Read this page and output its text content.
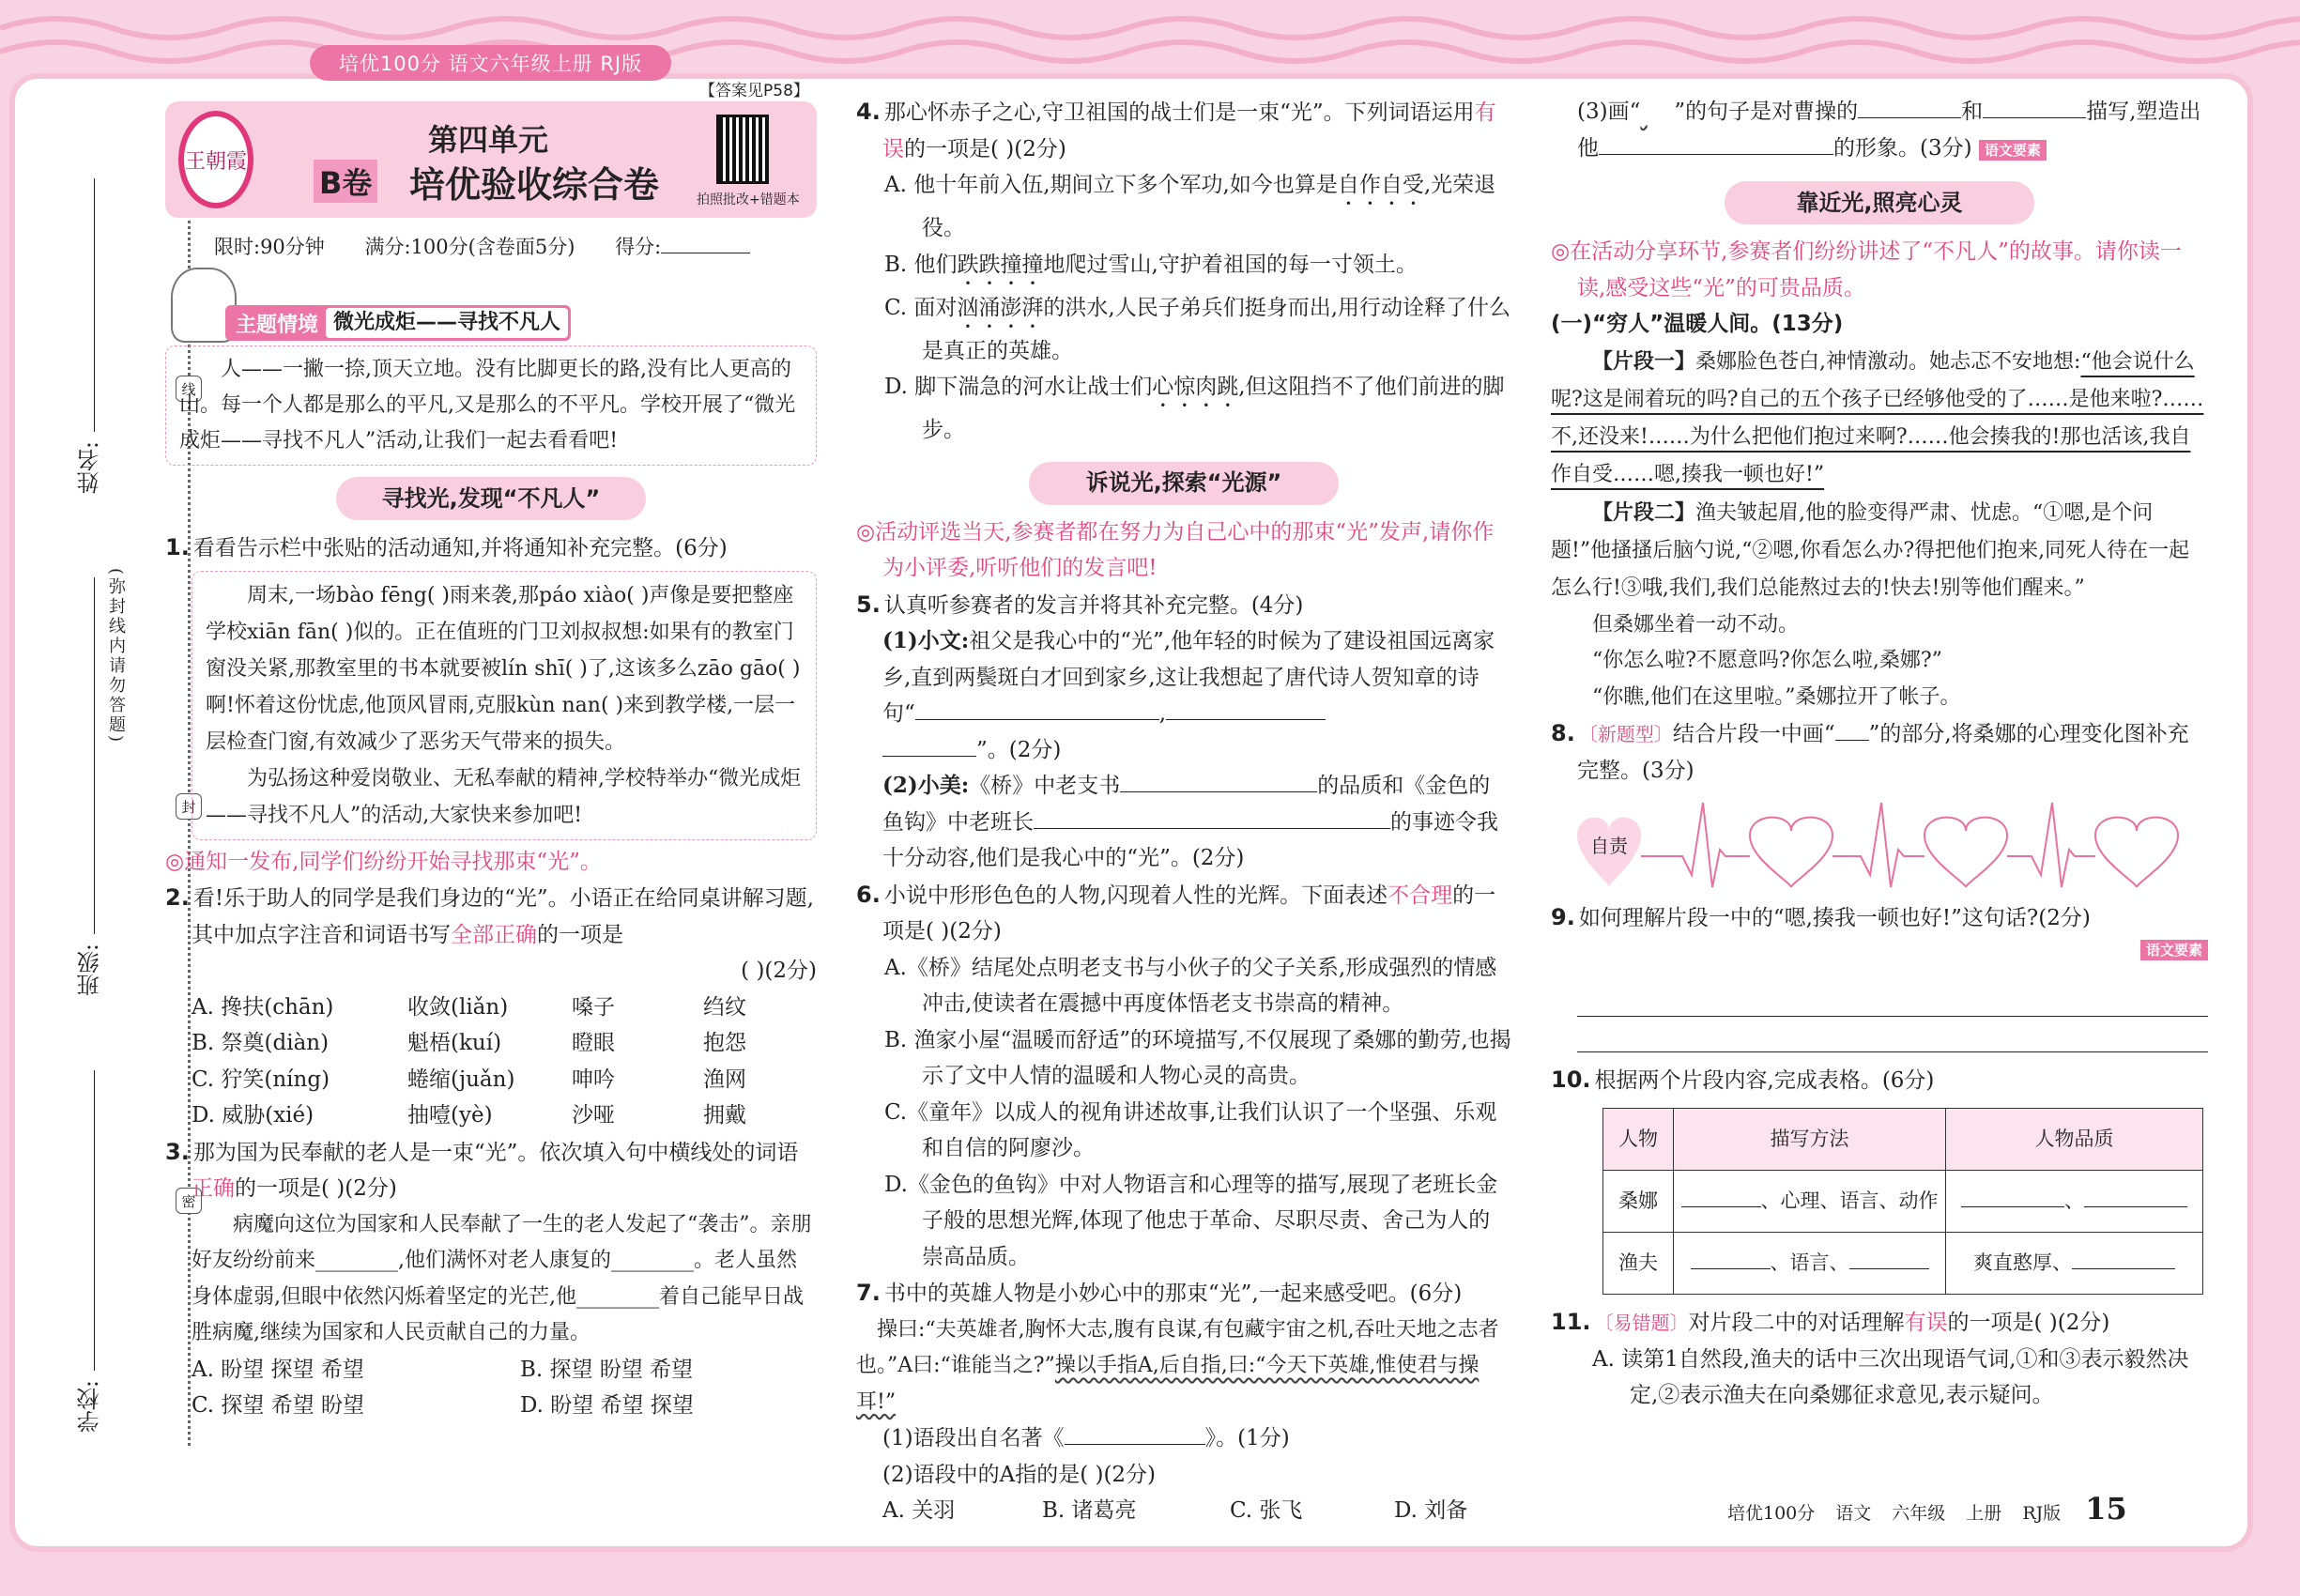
培优100分 语文六年级上册 RJ版
姓名:
班级:
学校:
线
封
密
(弥封线内请勿答题)
【答案见P58】
王朝霞
第四单元
B卷 培优验收综合卷	拍照批改+错题本
限时:90分钟 满分:100分(含卷面5分) 得分:
主题情境 微光成炬——寻找不凡人
人——一撇一捺,顶天立地。没有比脚更长的路,没有比人更高的山。每一个人都是那么的平凡,又是那么的不平凡。学校开展了“微光成炬——寻找不凡人”活动,让我们一起去看看吧!
寻找光,发现“不凡人”
1. 看看告示栏中张贴的活动通知,并将通知补充完整。(6分)
周末,一场bào fēng( )雨来袭,那páo xiào( )声像是要把整座学校xiān fān( )似的。正在值班的门卫刘叔叔想:如果有的教室门窗没关紧,那教室里的书本就要被lín shī( )了,这该多么zāo gāo( )啊!怀着这份忧虑,他顶风冒雨,克服kùn nan( )来到教学楼,一层一层检查门窗,有效减少了恶劣天气带来的损失。
为弘扬这种爱岗敬业、无私奉献的精神,学校特举办“微光成炬——寻找不凡人”的活动,大家快来参加吧!
◎通知一发布,同学们纷纷开始寻找那束“光”。
2. 看!乐于助人的同学是我们身边的“光”。小语正在给同桌讲解习题,其中加点字注音和词语书写全部正确的一项是
( )(2分)
A. 搀扶(chān)	收敛(liǎn)	嗓子	绉纹
B. 祭奠(diàn)	魁梧(kuí)	瞪眼	抱怨
C. 狞笑(níng)	蜷缩(juǎn)	呻吟	渔网
D. 威胁(xié)	抽噎(yè)	沙哑	拥戴
3. 那为国为民奉献的老人是一束“光”。依次填入句中横线处的词语正确的一项是( )(2分)
病魔向这位为国家和人民奉献了一生的老人发起了“袭击”。亲朋好友纷纷前来________,他们满怀对老人康复的________。老人虽然身体虚弱,但眼中依然闪烁着坚定的光芒,他________着自己能早日战胜病魔,继续为国家和人民贡献自己的力量。
A. 盼望 探望 希望	B. 探望 盼望 希望
C. 探望 希望 盼望	D. 盼望 希望 探望
4. 那心怀赤子之心,守卫祖国的战士们是一束“光”。下列词语运用有误的一项是( )(2分)
A. 他十年前入伍,期间立下多个军功,如今也算是自作自受,光荣退役。
B. 他们跌跌撞撞地爬过雪山,守护着祖国的每一寸领土。
C. 面对汹涌澎湃的洪水,人民子弟兵们挺身而出,用行动诠释了什么是真正的英雄。
D. 脚下湍急的河水让战士们心惊肉跳,但这阻挡不了他们前进的脚步。
诉说光,探索“光源”
◎活动评选当天,参赛者都在努力为自己心中的那束“光”发声,请你作为小评委,听听他们的发言吧!
5. 认真听参赛者的发言并将其补充完整。(4分)
(1)小文:祖父是我心中的“光”,他年轻的时候为了建设祖国远离家乡,直到两鬓斑白才回到家乡,这让我想起了唐代诗人贺知章的诗句“	,
”。(2分)
(2)小美:《桥》中老支书	的品质和《金色的鱼钩》中老班长	的事迹令我十分动容,他们是我心中的“光”。(2分)
6. 小说中形形色色的人物,闪现着人性的光辉。下面表述不合理的一项是( )(2分)
A.《桥》结尾处点明老支书与小伙子的父子关系,形成强烈的情感冲击,使读者在震撼中再度体悟老支书崇高的精神。
B. 渔家小屋“温暖而舒适”的环境描写,不仅展现了桑娜的勤劳,也揭示了文中人情的温暖和人物心灵的高贵。
C.《童年》以成人的视角讲述故事,让我们认识了一个坚强、乐观和自信的阿廖沙。
D.《金色的鱼钩》中对人物语言和心理等的描写,展现了老班长金子般的思想光辉,体现了他忠于革命、尽职尽责、舍己为人的崇高品质。
7. 书中的英雄人物是小妙心中的那束“光”,一起来感受吧。(6分)
操曰:“夫英雄者,胸怀大志,腹有良谋,有包藏宇宙之机,吞吐天地之志者也。”A曰:“谁能当之?”操以手指A,后自指,曰:“今天下英雄,惟使君与操耳!”
(1)语段出自名著《	》。(1分)
(2)语段中的A指的是( )(2分)
A. 关羽	B. 诸葛亮	C. 张飞	D. 刘备
(3)画“ ”的句子是对曹操的	和	描写,塑造出他	的形象。(3分) 语文要素
靠近光,照亮心灵
◎在活动分享环节,参赛者们纷纷讲述了“不凡人”的故事。请你读一读,感受这些“光”的可贵品质。
(一)“穷人”温暖人间。(13分)
【片段一】桑娜脸色苍白,神情激动。她忐忑不安地想:“他会说什么呢?这是闹着玩的吗?自己的五个孩子已经够他受的了……是他来啦?……不,还没来!……为什么把他们抱过来啊?……他会揍我的!那也活该,我自作自受……嗯,揍我一顿也好!”
【片段二】渔夫皱起眉,他的脸变得严肃、忧虑。“①嗯,是个问题!”他搔搔后脑勺说,“②嗯,你看怎么办?得把他们抱来,同死人待在一起怎么行!③哦,我们,我们总能熬过去的!快去!别等他们醒来。”
但桑娜坐着一动不动。
“你怎么啦?不愿意吗?你怎么啦,桑娜?”
“你瞧,他们在这里啦。”桑娜拉开了帐子。
8. 〔新题型〕结合片段一中画“ ”的部分,将桑娜的心理变化图补充完整。(3分)
自责
9. 如何理解片段一中的“嗯,揍我一顿也好!”这句话?(2分)
语文要素
10. 根据两个片段内容,完成表格。(6分)
人物	描写方法	人物品质
桑娜	、心理、语言、动作	、
渔夫	、语言、	爽直憨厚、
11. 〔易错题〕对片段二中的对话理解有误的一项是( )(2分)
A. 读第1自然段,渔夫的话中三次出现语气词,①和③表示毅然决定,②表示渔夫在向桑娜征求意见,表示疑问。
培优100分 语文 六年级 上册 RJ版 15
